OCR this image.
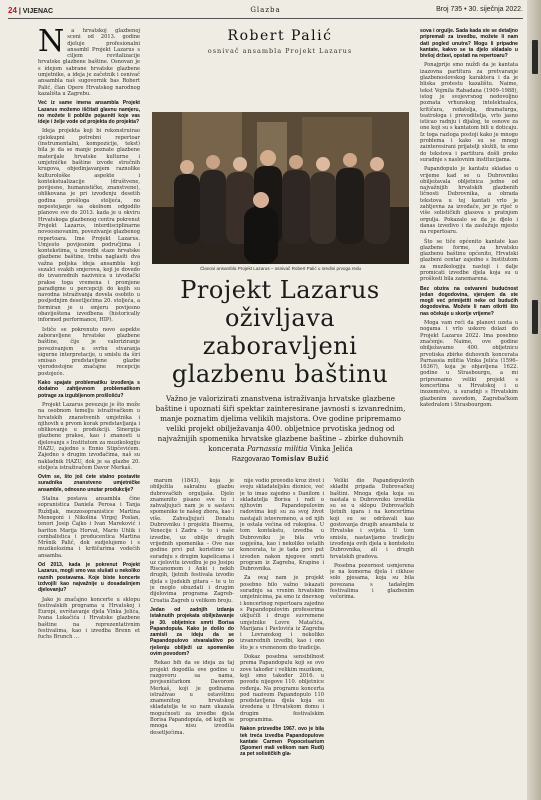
24 | VIJENAC	Glazba	Broj 735 • 30. siječnja 2022.
N	a hrvatskoj glazbenoj sceni od 2013. godine djeluje profesionalni ansambl Projekt Lazarus s ciljem revitalizacije hrvatske glazbene baštine. Osnovan je s idejom sabrane hrvatske glazbene umjetnike, a ideja je začetnik i osnivač ansambla naš sugovornik bas Robert Palić, član Opere Hrvatskog narodnog kazališta u Zagrebu.

Već iz same imena ansambla Projekt Lazarus možemo iščitati glavnu namjeru, no možete li pobliže pojasniti koje vas ideje i želje vode od projekta do projekta?

Ideja projekta koji bi rekonstruirao cjelokupni potrebni repertoar (instrumentalni, kompozicije, tekst) bila je da se manje poznate glazbene materijale hrvatske kulturne i umjetničke baštine izvode stručnih krugova, objedinjavanjem raznolike kulturološke aspekte i kontekstualizacije (društvene, povijesne, humanističke, znanstvene), oblikovana je pri izvođenju desetih godina prošloga stoljeća, no nepostojanje sa okolnom odgodilo planove sve do 2013. kada je u okviru Hrvatskoga glazbenog centra pokrenut Projekt Lazarus, interdisciplinarne novoosnovanim, povezivanje glazbenog repertoara. Ime Projekt Lazarus. Umjesto povijesnim područjima i kontekstima, u izvedbi staze hrvatske glazbene baštine, treba naglasiti dva važna poljska ideja ansambla koji sezalci svakih smjerova, koji je dovedo do izvanrednih nazivnica u izvođački prakse toga vremena i promjene paradigme u percepciji do kojih su navodna istraživanja dovela osobito u posljednjim desetljećima 20. stoljeća, a formiran je u smjeru povijesno obaviještena izvedbena (historically informed performance, HIP).

Ističe se pokrenuto novo aspekte zaboravljene hrvatske glazbene baštine, čije je valoriziranje povezivanjem u svrhu stvaranja sigurne interpretacije, u smislu da širi smisao predstavljene glazbe vjerodostojne značajne recepcije postojeće.

Kako spajate problematiku izvođenja s dodatno zahtjevnom problematikom potrage za izgubljenom prošlošću?

Projekt Lazarus povezuje je što može na osobnom temelju istraživačkom u hrvatskih znanstvenih umjetnika i njihovih u prvom korak predstavljanja i oblikovanje u produkciji. Sinergija glazbene prakse, kao i znanosti u djelovanju s Institutom za muzikologiju HAZU, zajedno s Ennio Stipčevićem. Zajedno s drugim izvođačima, naš su nakladnik HAZU, dok je sa glazbe 20. stoljeća istraživačem Davor Merkaš.

Ovim se, što još ćete stalno postavite suradnika znanstveno umjetničke ansamble, odnosno unutar produkcije?

Stalna postava ansambla čine sopranistica Daniela Perosa i Tanja Ruždjak, mezzosopranistice Martina Menegoni i Nikolina Virgej Poslan, tenori Josip Čajko i Ivan Mareković i bariton Marija Horvat, Mario Uhlik i cembalistica i producentica Martina Mršnik Palić, dok sudjelujemo i s muzikolozima i kritičarima vodećih ansamba.

Od 2013, kada je pokrenut Projekt Lazarus, mogli smo vas slušati u nekoliko raznih postavama. Koje biste koncerte izdvojili kao najvažnije u dosadašnjem djelovanju?

Jako je značajno koncerte u sklopu festivalskih programa u Hrvatskoj i Europi, uvrštavanje djela Vinka Jelića, Ivana Lukačića i Hrvatske glazbene baštine na reprezentativnim festivalima, kao i izvedba Brenn et fuchs Brunch …

Robert Palić
osnivač ansambla Projekt Lazarus
Članovi ansambla Projekt Lazarus – osnivač Robert Palić u sredini prvoga redu
Projekt Lazarus
oživljava
zaboravljeni
glazbenu baštinu
Važno je valorizirati znanstvena istraživanja hrvatske glazbene baštine i upoznati šiři spektar zainteresirane javnosti s izvanrednim, manje poznatim djelima velikih majstora. Ove godine pripremamo veliki projekt obilježavanja 400. obljetnice prvotiska jednog od najvažnijih spomenika hrvatske glazbene baštine – zbirke duhovnih koncerata Parnassia militia Vinka Jelića
Razgovarao Tomislav Bužić

marum (1843), koja je obilježila sakralnu glazbu dubrovačkih orguljaša. Djelo znamenito pisano sve to i zahvaljujući nam je u sastavu spomenike te našeg zbora, kao i više. Zahvaljujući Donatu Dubrovniku i projektu Biserna, Venecije i Zadra – to i naše izvedbe, uz obilje drugih vrijednih spomenika – Ove nas godine prvi put koristimo uz suradnju s drugim kapelicama i uz cjelovitu izvedbu je po Josipu Riscanomom i Anki i nekih drugih, ljetnih festivala izvodio djela s ljudskih gitara – te u to je moglo obuzdati i drugim dijelovima programa Zagreb-Croatia Zagreb u velikom broju.

Jedan od zadnjih izdanja istaknutih projekata obilježavanje je 30. obljetnice smrti Borisa Papandopula. Kako je došlo do zamisli za ideju da se Papandopulovo stvaralaštvo po rješenju obilježi uz spomenike ovim povodom?

Rekao bih da se ideja za taj projekt dogodila ove godine u razgovoru sa nama, povjesničarkom Davorom Merkaš, koji je godinama istraživao u ostavštinu znamenitog hrvatskog skladatelja te su nam ukazala mogućnosti za izvedbe djela Borisa Papandopula, od kojih se mnoga nisu izvodila desetljećima.

nije vodio provodio kroz život i svoju skladateljsku dionice, već je to imao zajedno s Danilom i skladatelja Borisa i radi o njihovim Papandopulovim radovima koji su za svoj život nastajali istovremeno, a od njih je ostala većina od rukopisa. U tom kontekstu, izvedba u Dubrovniku je bila vrlo uspješna, kao i nekoliko ostalih koncerata, te je tada prvi put izveden nakon njegove smrti program iz Zagreba, Krapine i Dubrovnika.

Za ovaj nam je projekt posebno bilo važno iskazati suradnju sa vrsnim hrvatskim umjetnicima, pa smo iz dnevnog i koncertnog repertoara zajedno s Papandopulovim profesorima uključili i druge suvremene umjetnike Lovre Matačića, Marijana i Pavlovića iz Zagreba i Lovranskog i nekoliko izvanrednih izvedbi, kao i ono što je s vremenom dio tradicije.

Dokaz posebna sensibilnost prema Papandopulu koji se ovo zove također i velikim muzikom, koji smo također 2016. u povodu nijegove 110. obljetnice rođenja. Na programu koncerta pod nazivom Papandopulo 110 predstavljena djela koja su izvedena u Hrvatskom domu i drugim festivalskim programima.

Nakon prizvedbe 1967. ovo je bila tek treća izvedba Papandopulove kantate Carmen Popocelsarium (Spomeri mali velikom nam Rudi) za pet solističkih gla-

Veliki dio Papandopulovih skladbi pripada Dubrovačkoj baštini. Mnoga djela koja su nastala u Dubrovniku izvodila su se u sklopu Dubrovačkih ljetnih igara i na koncertima koji su se održavali kao gostovanja drugih ansambala iz Hrvatske i svijeta. U tom smislu, nastavljamo tradiciju izvođenja ovih djela u kontekstu Dubrovnika, ali i drugih hrvatskih gradova.

Posebna pozornost usmjerena je na komorna djela i cikluse solo pjesama, koja su bila povezana s tadašnjim festivalima i glazbenim večerima.

sova i orgulje. Sada kada ste se detaljno pripremali za izvedbu, možete li nam dati pogled unutra? Mogu li pripadne kantate, kakvo se ta djelo skladalo u bivšoj državi, opstati na repertoaru?

Ponajprije smo nuždi da je kantata izazovna partitura za pretvaranje glazbenoslovskog karaktera i da je bliska protestu kazalištu. Naime, tekst Vojmila Rabadana (1909–1988), istog je svojevrsnog nedovoljno poznata vrhunskog intelektualca, kritičara, redatelja, dramaturga, teatrologa i prevoditelja, vrlo jasno isticao radnju i dijalog, te osnove za one koji su s kantatom bili u doticaju. Iz toga razloga postoji kako je mnogo problema i kako su se mnogi zainteresirani prijatelji složili, te smo do tekstova i partitura došli preko suradnje s naslovnim institucijama.

Papandopulo je kantatu skladao u vrijeme kad se u Dubrovniku obilježavala obljetnica jedne od najvažnijih hrvatskih glazbenih ličnosti Dubrovnika, a obrada tekstova u toj kantati vrlo je zahtjevna za izvođače, jer je riječ o više solističkih glasova s pratnjom orgulja. Pokazalo se da je djelo i danas izvedivo i da zaslužuje mjesto na repertoaru.

Što se tiče općenito kantate kao glazbene forme, za hrvatsku glazbenu baštinu općenito, Hrvatski glazbeni centar zajedno s Institutom za muzikologiju nastoji i dalje promicati izvedbe djela koja su u prošlosti bila zanemarena.

Bez obzira na ostvareni budućnost jedan dogodovina, vjerujem da ste mogli već primijetiti neke od budućih dogodovina. Možete li nam otkriti što nas očekuje u skorije vrijeme?

Moga vam reći da planovi uzeta u nogama i vrlo uskoro dolazi do Projekt Lazarus 2022. Ima posebno značenje. Naime, ove godine obilježavamo 400. obljetnicu prvotiska zbirke duhovnih koncerata Parnassia militia Vinka Jelića (1596–1636?), koja je objavljena 1622. godine u Strasbourgu, a mi pripremamo veliki projekt s koncertima u Hrvatskoj i u inozemstvu, u suradnji s Hrvatskim glazbenim zavodom, Zagrebačkom katedralom i Strasbourgom.
